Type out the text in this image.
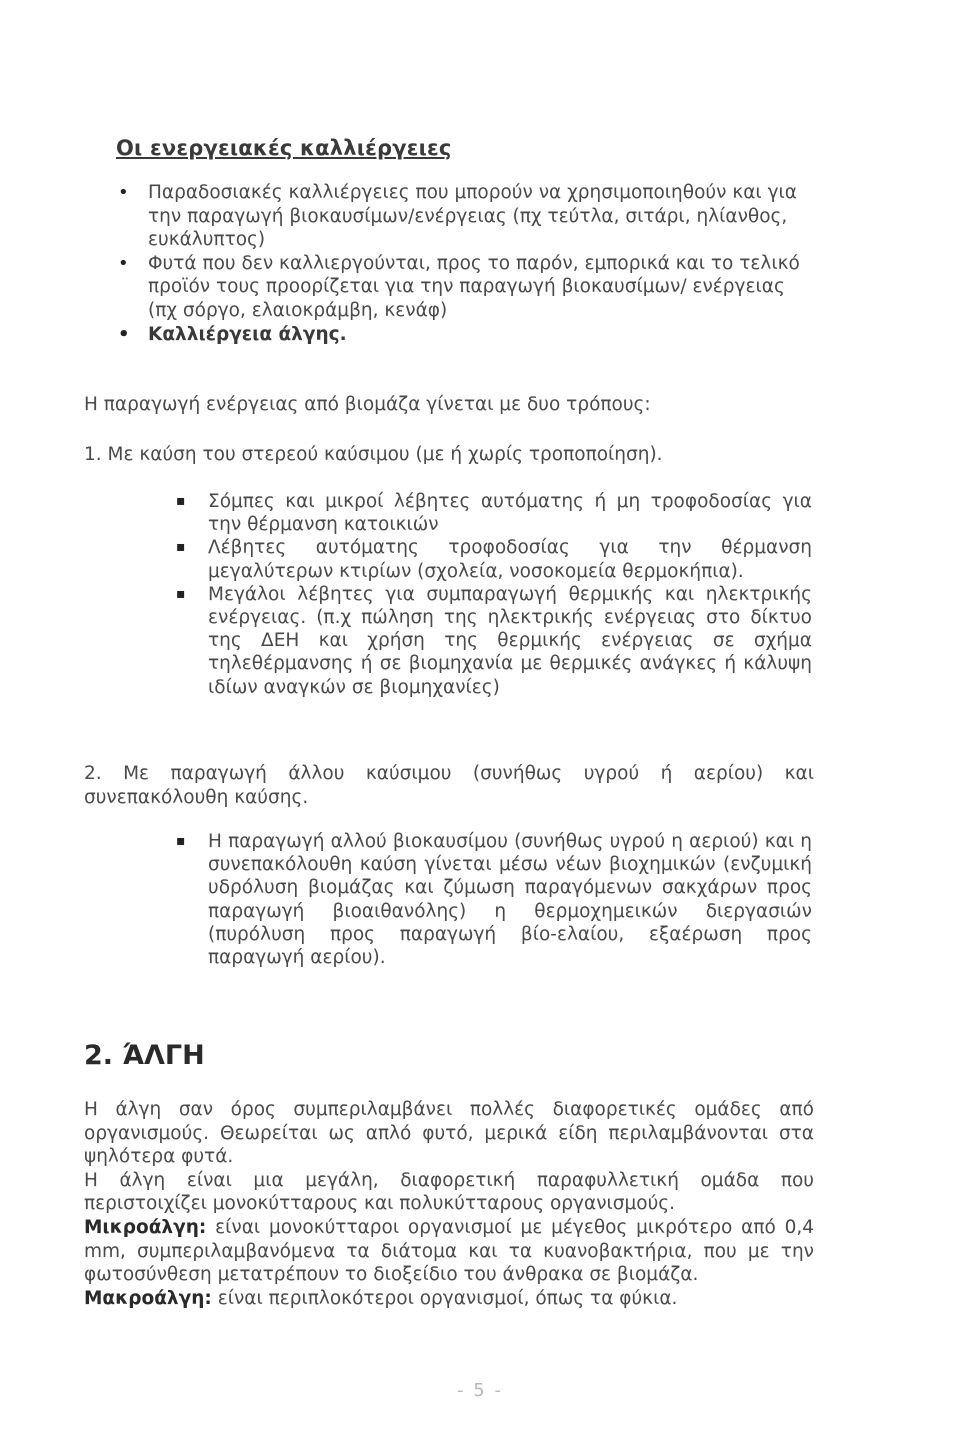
Οι ενεργειακές καλλιέργειες
• Παραδοσιακές καλλιέργειες που μπορούν να χρησιμοποιηθούν και για την παραγωγή βιοκαυσίμων/ενέργειας (πχ τεύτλα, σιτάρι, ηλίανθος, ευκάλυπτος)
• Φυτά που δεν καλλιεργούνται, προς το παρόν, εμπορικά και το τελικό προϊόν τους προορίζεται για την παραγωγή βιοκαυσίμων/ ενέργειας (πχ σόργο, ελαιοκράμβη, κενάφ)
• Καλλιέργεια άλγης.

Η παραγωγή ενέργειας από βιομάζα γίνεται με δυο τρόπους:

1. Με καύση του στερεού καύσιμου (με ή χωρίς τροποποίηση).

▪ Σόμπες και μικροί λέβητες αυτόματης ή μη τροφοδοσίας για την θέρμανση κατοικιών
▪ Λέβητες αυτόματης τροφοδοσίας για την θέρμανση μεγαλύτερων κτιρίων (σχολεία, νοσοκομεία θερμοκήπια).
▪ Μεγάλοι λέβητες για συμπαραγωγή θερμικής και ηλεκτρικής ενέργειας. (π.χ πώληση της ηλεκτρικής ενέργειας στο δίκτυο της ΔΕΗ και χρήση της θερμικής ενέργειας σε σχήμα τηλεθέρμανσης ή σε βιομηχανία με θερμικές ανάγκες ή κάλυψη ιδίων αναγκών σε βιομηχανίες)

2. Με παραγωγή άλλου καύσιμου (συνήθως υγρού ή αερίου) και συνεπακόλουθη καύσης.

▪ Η παραγωγή αλλού βιοκαυσίμου (συνήθως υγρού η αεριού) και η συνεπακόλουθη καύση γίνεται μέσω νέων βιοχημικών (ενζυμική υδρόλυση βιομάζας και ζύμωση παραγόμενων σακχάρων προς παραγωγή βιοαιθανόλης) η θερμοχημεικών διεργασιών (πυρόλυση προς παραγωγή βίο-ελαίου, εξαέρωση προς παραγωγή αερίου).
2. ΆΛΓΗ

Η άλγη σαν όρος συμπεριλαμβάνει πολλές διαφορετικές ομάδες από οργανισμούς. Θεωρείται ως απλό φυτό, μερικά είδη περιλαμβάνονται στα ψηλότερα φυτά.

Η άλγη είναι μια μεγάλη, διαφορετική παραφυλλετική ομάδα που περιστοιχίζει μονοκύτταρους και πολυκύτταρους οργανισμούς.

Μικροάλγη: είναι μονοκύτταροι οργανισμοί με μέγεθος μικρότερο από 0,4 mm, συμπεριλαμβανόμενα τα διάτομα και τα κυανοβακτήρια, που με την φωτοσύνθεση μετατρέπουν το διοξείδιο του άνθρακα σε βιομάζα.

Μακροάλγη: είναι περιπλοκότεροι οργανισμοί, όπως τα φύκια.

- 5 -
